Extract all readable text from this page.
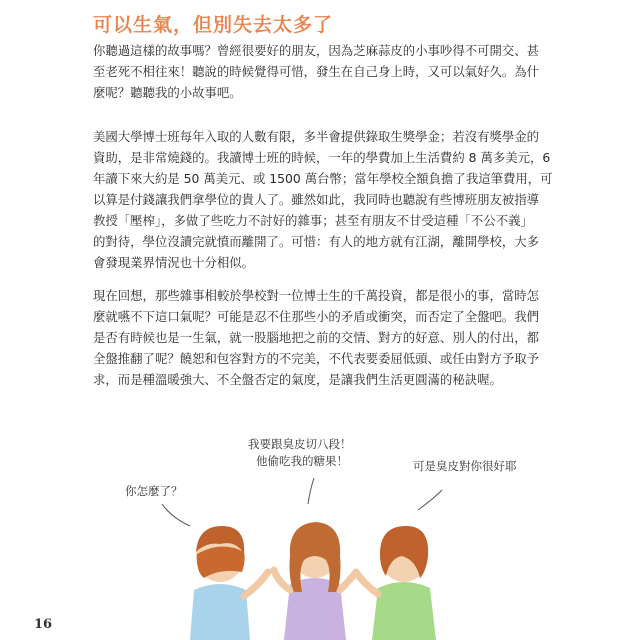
可以生氣，但別失去太多了

你聽過這樣的故事嗎？曾經很要好的朋友，因為芝麻蒜皮的小事吵得不可開交、甚
至老死不相往來！聽說的時候覺得可惜，發生在自己身上時，又可以氣好久。為什
麼呢？聽聽我的小故事吧。

美國大學博士班每年入取的人數有限，多半會提供錄取生獎學金；若沒有獎學金的
資助，是非常燒錢的。我讀博士班的時候，一年的學費加上生活費約 8 萬多美元，6
年讀下來大約是 50 萬美元、或 1500 萬台幣；當年學校全額負擔了我這筆費用，可
以算是付錢讓我們拿學位的貴人了。雖然如此，我同時也聽說有些博班朋友被指導
教授「壓榨」，多做了些吃力不討好的雜事；甚至有朋友不甘受這種「不公不義」
的對待，學位沒讀完就憤而離開了。可惜：有人的地方就有江湖，離開學校，大多
會發現業界情況也十分相似。

現在回想，那些雜事相較於學校對一位博士生的千萬投資，都是很小的事，當時怎
麼就嚥不下這口氣呢？可能是忍不住那些小的矛盾或衝突，而否定了全盤吧。我們
是否有時候也是一生氣，就一股腦地把之前的交情、對方的好意、別人的付出，都
全盤推翻了呢？饒恕和包容對方的不完美，不代表要委屈低頭、或任由對方予取予
求，而是種溫暖強大、不全盤否定的氣度，是讓我們生活更圓滿的秘訣喔。

你怎麼了？
我要跟臭皮切八段！
他偷吃我的糖果！	可是臭皮對你很好耶
16
